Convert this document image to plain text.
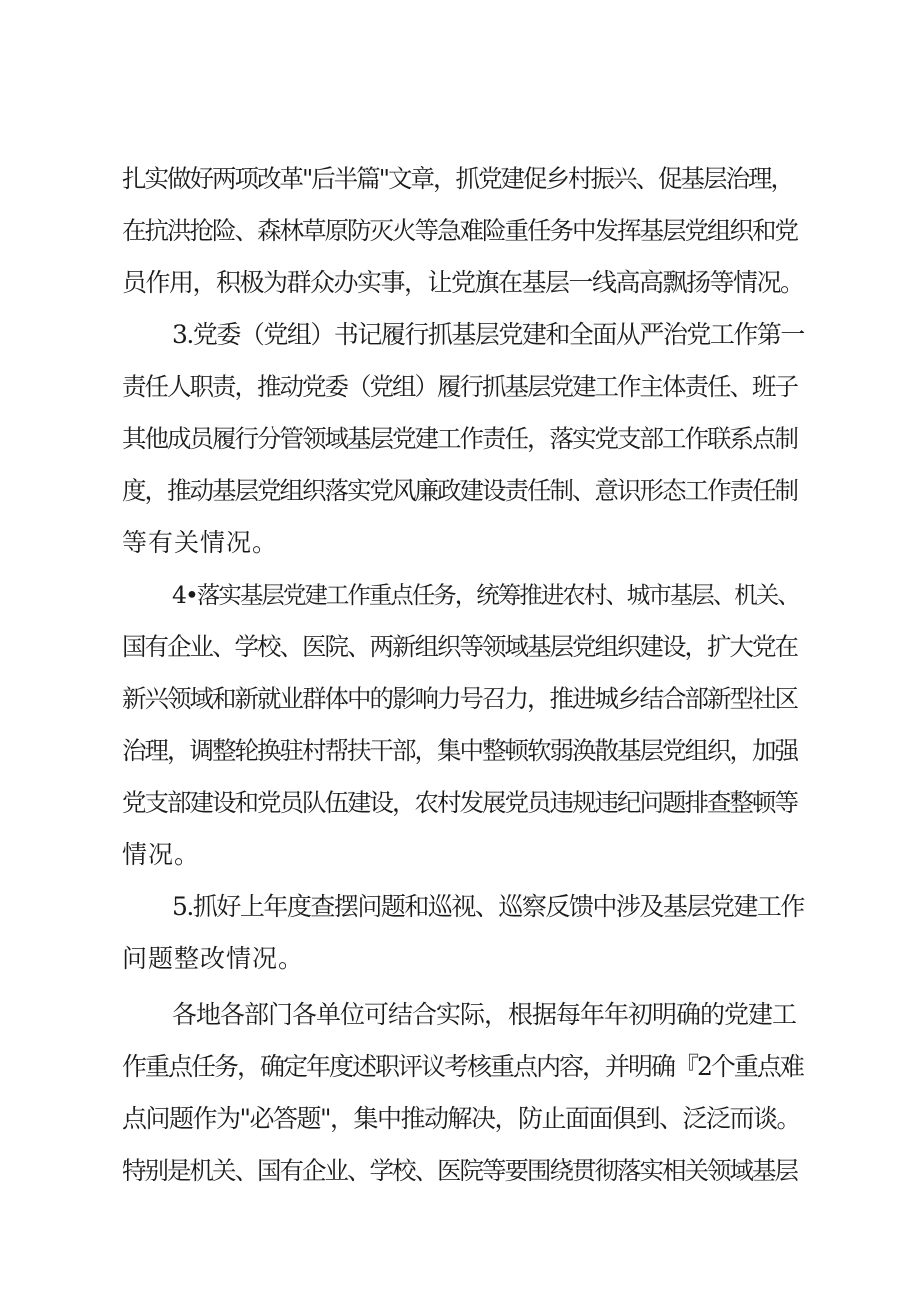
扎实做好两项改革"后半篇"文章，抓党建促乡村振兴、促基层治理，
在抗洪抢险、森林草原防灭火等急难险重任务中发挥基层党组织和党
员作用，积极为群众办实事，让党旗在基层一线高高飘扬等情况。
3.党委（党组）书记履行抓基层党建和全面从严治党工作第一
责任人职责，推动党委（党组）履行抓基层党建工作主体责任、班子
其他成员履行分管领域基层党建工作责任，落实党支部工作联系点制
度，推动基层党组织落实党风廉政建设责任制、意识形态工作责任制
等有关情况。
4•落实基层党建工作重点任务，统筹推进农村、城市基层、机关、
国有企业、学校、医院、两新组织等领域基层党组织建设，扩大党在
新兴领域和新就业群体中的影响力号召力，推进城乡结合部新型社区
治理，调整轮换驻村帮扶干部，集中整顿软弱涣散基层党组织，加强
党支部建设和党员队伍建设，农村发展党员违规违纪问题排查整顿等
情况。
5.抓好上年度查摆问题和巡视、巡察反馈中涉及基层党建工作
问题整改情况。
各地各部门各单位可结合实际，根据每年年初明确的党建工
作重点任务，确定年度述职评议考核重点内容，并明确『2个重点难
点问题作为"必答题"，集中推动解决，防止面面俱到、泛泛而谈。
特别是机关、国有企业、学校、医院等要围绕贯彻落实相关领域基层
